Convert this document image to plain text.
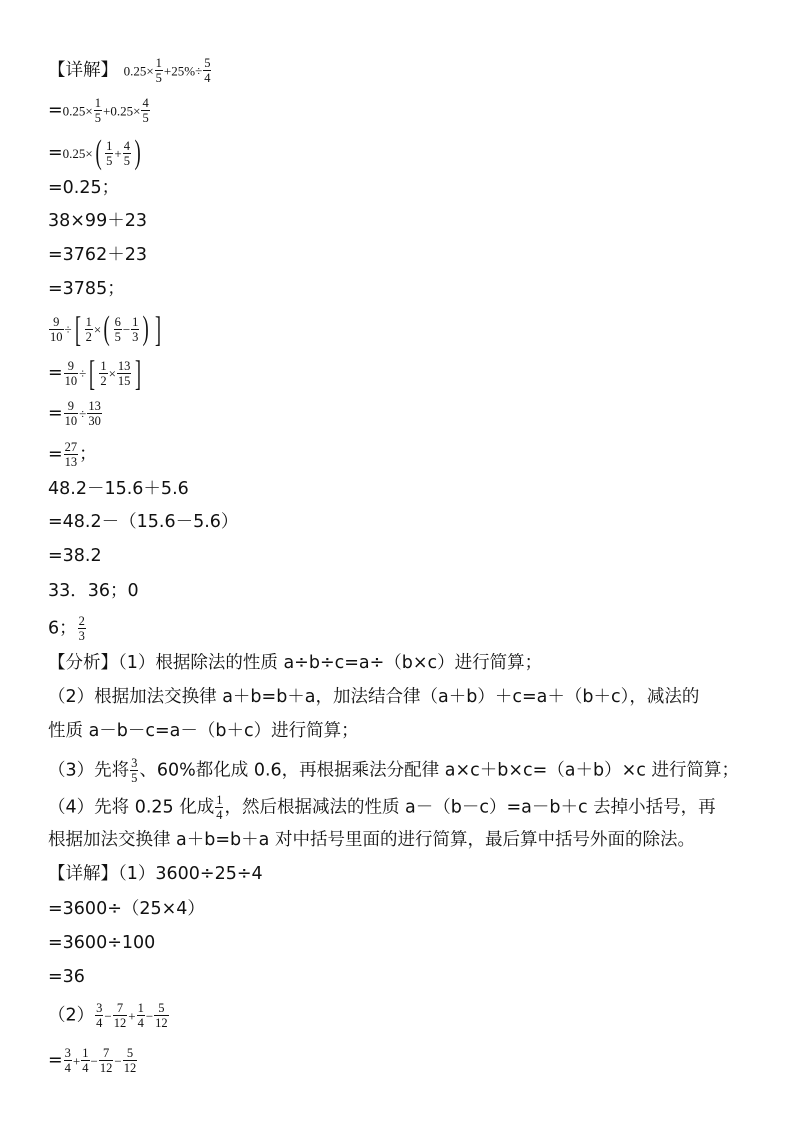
【详解】 $0.25\times \frac{1}{5} +25\%\div \frac{5}{4}$
$=0.25\times \frac{1}{5} +0.25\times \frac{4}{5}$
$=0.25\times( \frac{1}{5} + \frac{4}{5}$ )
=0.25；
38×99＋23
=3762＋23
=3785；
$\frac{9}{10}$ ÷[ $\frac{1}{2}$ ×( $\frac{6}{5} - \frac{1}{3}$ ) ]
= $\frac{9}{10}$ ÷[ $\frac{1}{2} \times \frac{13}{15}$ ]
= $\frac{9}{10} \div \frac{13}{30}$
= $\frac{27}{13}$ ；
48.2－15.6＋5.6
=48.2－（15.6－5.6）
=38.2
33．36；0
6； $\frac{2}{3}$
【分析】（1）根据除法的性质 a÷b÷c=a÷（b×c）进行简算；
（2）根据加法交换律 a＋b=b＋a，加法结合律（a＋b）＋c=a＋（b＋c），减法的
性质 a－b－c=a－（b＋c）进行简算；
（3）先将 $\frac{3}{5}$ 、60%都化成 0.6，再根据乘法分配律 a×c＋b×c=（a＋b）×c 进行简算；
（4）先将 0.25 化成 $\frac{1}{4}$ ，然后根据减法的性质 a－（b－c）=a－b＋c 去掉小括号，再
根据加法交换律 a＋b=b＋a 对中括号里面的进行简算，最后算中括号外面的除法。
【详解】（1）3600÷25÷4
=3600÷（25×4）
=3600÷100
=36
$(2) \frac{3}{4} - \frac{7}{12} + \frac{1}{4} - \frac{5}{12}$
= $\frac{3}{4} + \frac{1}{4} - \frac{7}{12} - \frac{5}{12}$
